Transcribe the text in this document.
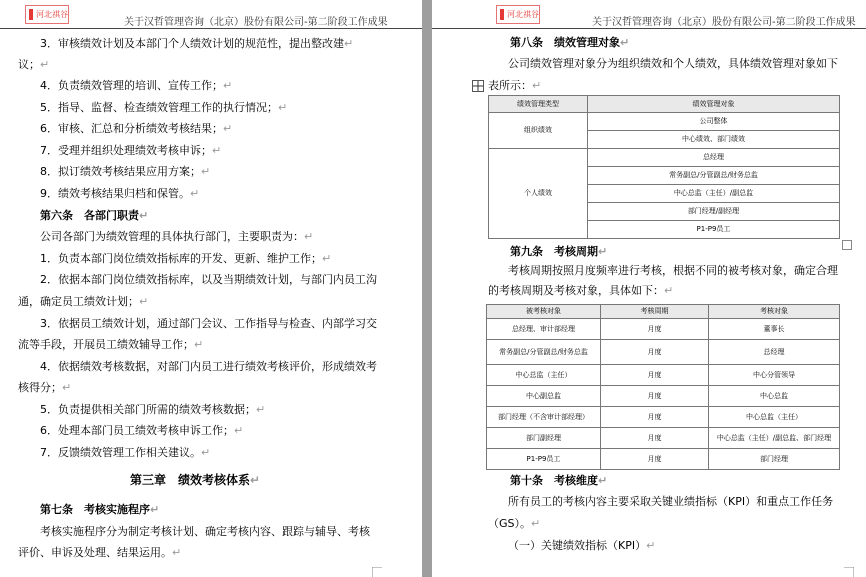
河北祺谷
关于汉哲管理咨询（北京）股份有限公司-第二阶段工作成果
3．审核绩效计划及本部门个人绩效计划的规范性，提出整改建↵
议；↵
4．负责绩效管理的培训、宣传工作；↵
5．指导、监督、检查绩效管理工作的执行情况；↵
6．审核、汇总和分析绩效考核结果；↵
7．受理并组织处理绩效考核申诉；↵
8．拟订绩效考核结果应用方案；↵
9．绩效考核结果归档和保管。↵
第六条　各部门职责↵
公司各部门为绩效管理的具体执行部门，主要职责为：↵
1．负责本部门岗位绩效指标库的开发、更新、维护工作；↵
2．依据本部门岗位绩效指标库，以及当期绩效计划，与部门内员工沟
通，确定员工绩效计划；↵
3．依据员工绩效计划，通过部门会议、工作指导与检查、内部学习交
流等手段，开展员工绩效辅导工作；↵
4．依据绩效考核数据，对部门内员工进行绩效考核评价，形成绩效考
核得分；↵
5．负责提供相关部门所需的绩效考核数据；↵
6．处理本部门员工绩效考核申诉工作；↵
7．反馈绩效管理工作相关建议。↵
第三章　绩效考核体系↵
第七条　考核实施程序↵
考核实施程序分为制定考核计划、确定考核内容、跟踪与辅导、考核
评价、申诉及处理、结果运用。↵
河北祺谷
关于汉哲管理咨询（北京）股份有限公司-第二阶段工作成果
第八条　绩效管理对象↵
公司绩效管理对象分为组织绩效和个人绩效，具体绩效管理对象如下
表所示：↵
绩效管理类型	绩效管理对象
组织绩效	公司整体
	中心绩效、部门绩效
个人绩效	总经理
	常务副总/分管副总/财务总监
	中心总监（主任）/副总监
	部门经理/副经理
	P1-P9员工
第九条　考核周期↵
考核周期按照月度频率进行考核，根据不同的被考核对象，确定合理
的考核周期及考核对象，具体如下：↵
被考核对象	考核周期	考核对象
总经理、审计部经理	月度	董事长
常务副总/分管副总/财务总监	月度	总经理
中心总监（主任）	月度	中心分管领导
中心副总监	月度	中心总监
部门经理（不含审计部经理）	月度	中心总监（主任）
部门副经理	月度	中心总监（主任）/副总监、部门经理
P1-P9员工	月度	部门经理
第十条　考核维度↵
所有员工的考核内容主要采取关键业绩指标（KPI）和重点工作任务
（GS）。↵
（一）关键绩效指标（KPI）↵
